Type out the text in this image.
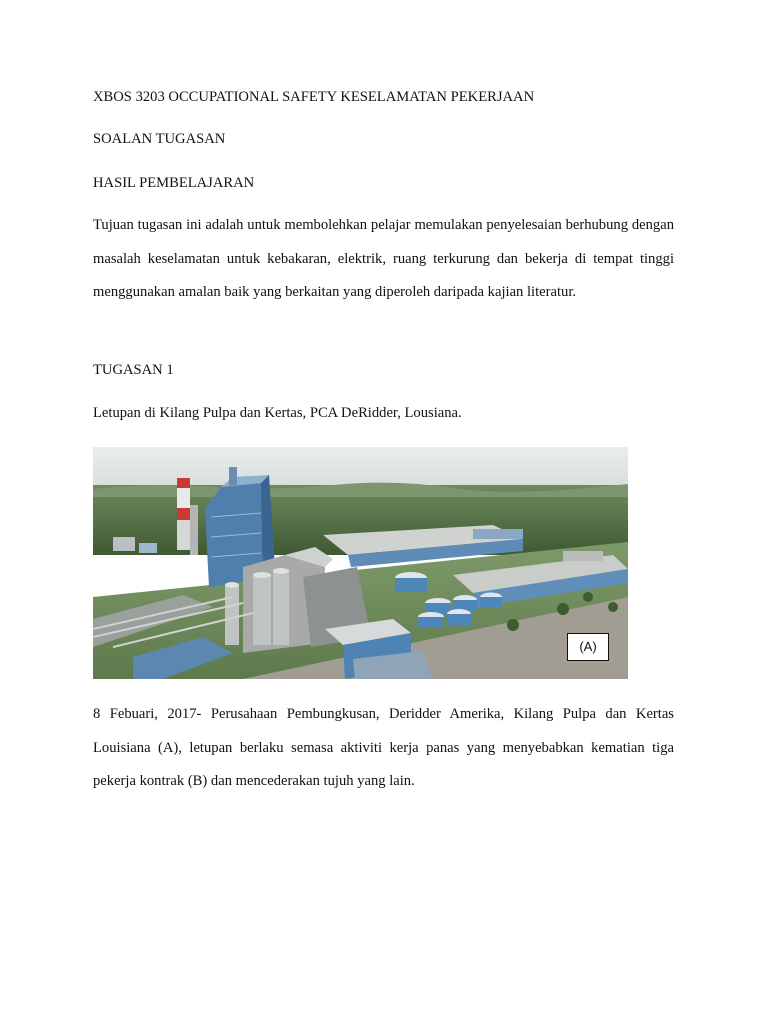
XBOS 3203 OCCUPATIONAL SAFETY KESELAMATAN PEKERJAAN

SOALAN TUGASAN

HASIL PEMBELAJARAN

Tujuan tugasan ini adalah untuk membolehkan pelajar memulakan penyelesaian berhubung dengan masalah keselamatan untuk kebakaran, elektrik, ruang terkurung dan bekerja di tempat tinggi menggunakan amalan baik yang berkaitan yang diperoleh daripada kajian literatur.

TUGASAN 1

Letupan di Kilang Pulpa dan Kertas, PCA DeRidder, Lousiana.

(A)

8 Febuari, 2017- Perusahaan Pembungkusan, Deridder Amerika, Kilang Pulpa dan Kertas Louisiana (A), letupan berlaku semasa aktiviti kerja panas yang menyebabkan kematian tiga pekerja kontrak (B) dan mencederakan tujuh yang lain.
